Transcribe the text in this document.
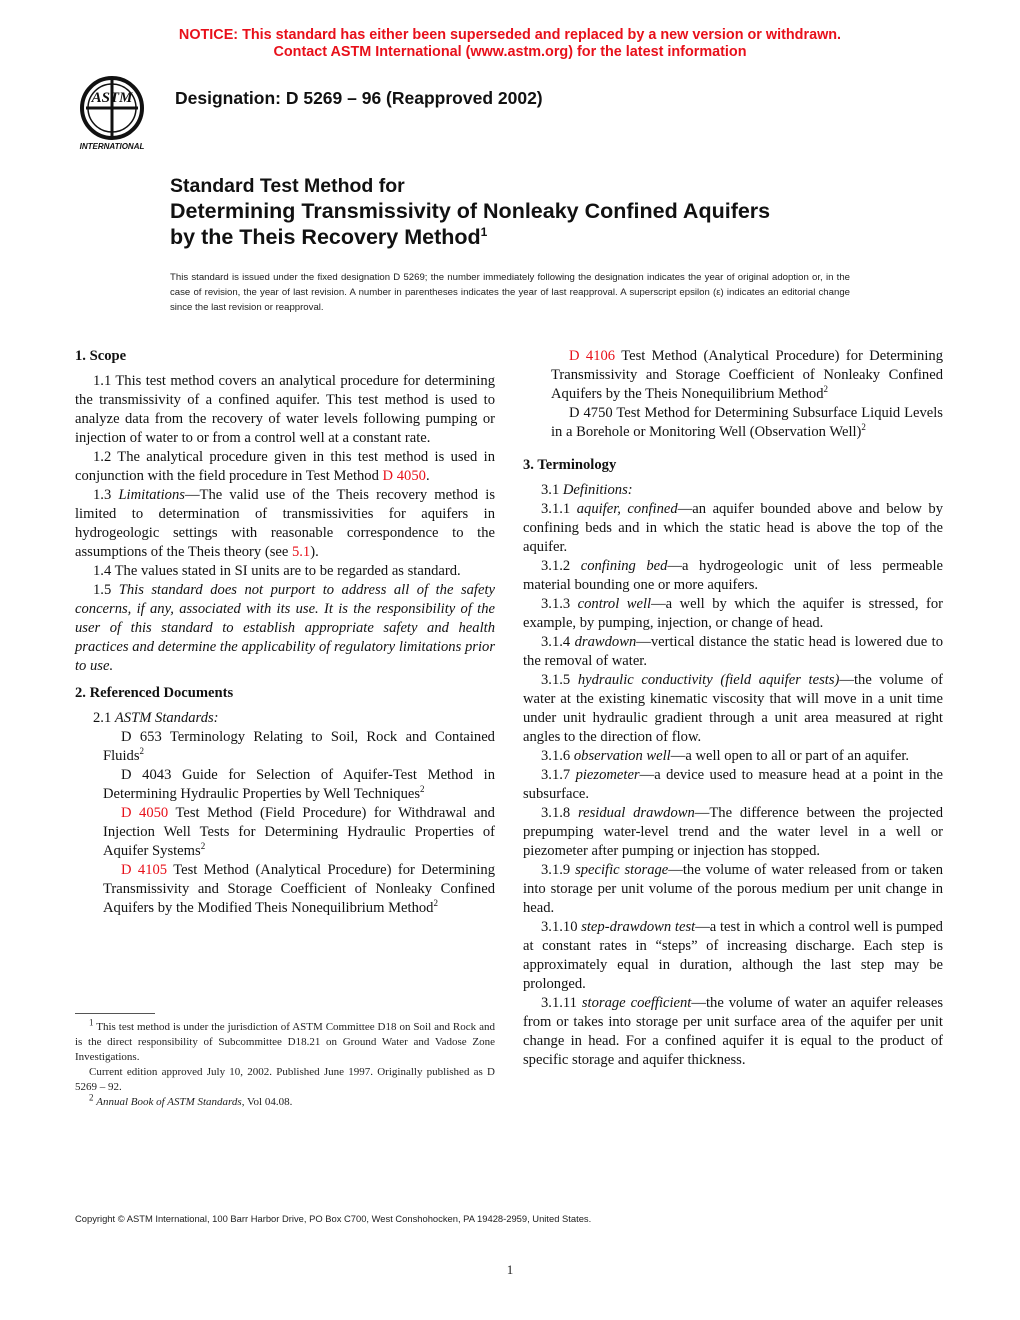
NOTICE: This standard has either been superseded and replaced by a new version or withdrawn.
Contact ASTM International (www.astm.org) for the latest information
ASTM
INTERNATIONAL
Designation: D 5269 – 96 (Reapproved 2002)
Standard Test Method for
Determining Transmissivity of Nonleaky Confined Aquifers
by the Theis Recovery Method$^1$
This standard is issued under the fixed designation D 5269; the number immediately following the designation indicates the year of original adoption or, in the case of revision, the year of last revision. A number in parentheses indicates the year of last reapproval. A superscript epsilon (ε) indicates an editorial change since the last revision or reapproval.
1. Scope

1.1 This test method covers an analytical procedure for determining the transmissivity of a confined aquifer. This test method is used to analyze data from the recovery of water levels following pumping or injection of water to or from a control well at a constant rate.

1.2 The analytical procedure given in this test method is used in conjunction with the field procedure in Test Method D 4050.

1.3 Limitations—The valid use of the Theis recovery method is limited to determination of transmissivities for aquifers in hydrogeologic settings with reasonable correspondence to the assumptions of the Theis theory (see 5.1).

1.4 The values stated in SI units are to be regarded as standard.

1.5 This standard does not purport to address all of the safety concerns, if any, associated with its use. It is the responsibility of the user of this standard to establish appropriate safety and health practices and determine the applicability of regulatory limitations prior to use.

2. Referenced Documents

2.1 ASTM Standards:

D 653 Terminology Relating to Soil, Rock and Contained Fluids$^2$

D 4043 Guide for Selection of Aquifer-Test Method in Determining Hydraulic Properties by Well Techniques$^2$

D 4050 Test Method (Field Procedure) for Withdrawal and Injection Well Tests for Determining Hydraulic Properties of Aquifer Systems$^2$

D 4105 Test Method (Analytical Procedure) for Determining Transmissivity and Storage Coefficient of Nonleaky Confined Aquifers by the Modified Theis Nonequilibrium Method$^2$

$^1$ This test method is under the jurisdiction of ASTM Committee D18 on Soil and Rock and is the direct responsibility of Subcommittee D18.21 on Ground Water and Vadose Zone Investigations.

Current edition approved July 10, 2002. Published June 1997. Originally published as D 5269 – 92.

$^2$ Annual Book of ASTM Standards, Vol 04.08.

D 4106 Test Method (Analytical Procedure) for Determining Transmissivity and Storage Coefficient of Nonleaky Confined Aquifers by the Theis Nonequilibrium Method$^2$

D 4750 Test Method for Determining Subsurface Liquid Levels in a Borehole or Monitoring Well (Observation Well)$^2$

3. Terminology

3.1 Definitions:

3.1.1 aquifer, confined—an aquifer bounded above and below by confining beds and in which the static head is above the top of the aquifer.

3.1.2 confining bed—a hydrogeologic unit of less permeable material bounding one or more aquifers.

3.1.3 control well—a well by which the aquifer is stressed, for example, by pumping, injection, or change of head.

3.1.4 drawdown—vertical distance the static head is lowered due to the removal of water.

3.1.5 hydraulic conductivity (field aquifer tests)—the volume of water at the existing kinematic viscosity that will move in a unit time under unit hydraulic gradient through a unit area measured at right angles to the direction of flow.

3.1.6 observation well—a well open to all or part of an aquifer.

3.1.7 piezometer—a device used to measure head at a point in the subsurface.

3.1.8 residual drawdown—The difference between the projected prepumping water-level trend and the water level in a well or piezometer after pumping or injection has stopped.

3.1.9 specific storage—the volume of water released from or taken into storage per unit volume of the porous medium per unit change in head.

3.1.10 step-drawdown test—a test in which a control well is pumped at constant rates in “steps” of increasing discharge. Each step is approximately equal in duration, although the last step may be prolonged.

3.1.11 storage coefficient—the volume of water an aquifer releases from or takes into storage per unit surface area of the aquifer per unit change in head. For a confined aquifer it is equal to the product of specific storage and aquifer thickness.

Copyright © ASTM International, 100 Barr Harbor Drive, PO Box C700, West Conshohocken, PA 19428-2959, United States.
1
